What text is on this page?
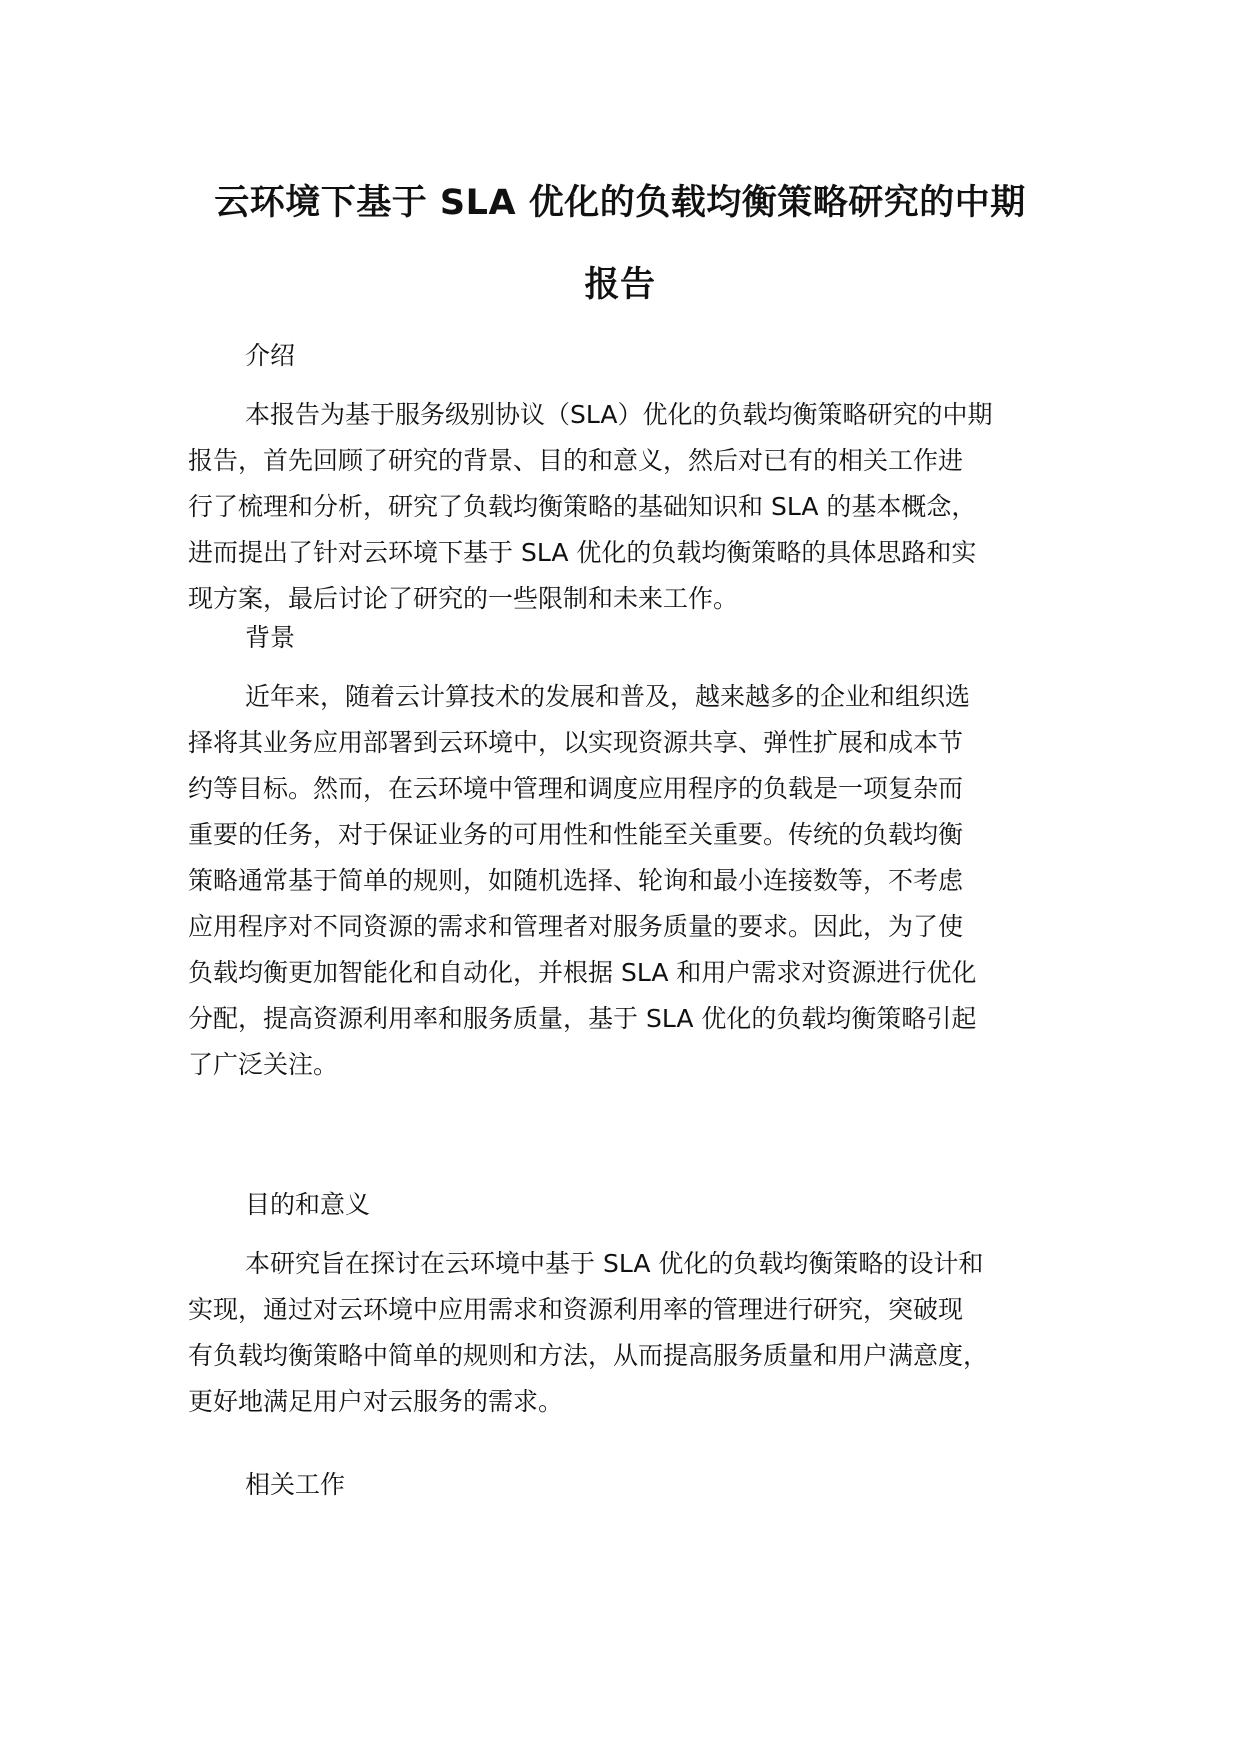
云环境下基于 SLA 优化的负载均衡策略研究的中期
报告
介绍
本报告为基于服务级别协议（SLA）优化的负载均衡策略研究的中期
报告，首先回顾了研究的背景、目的和意义，然后对已有的相关工作进
行了梳理和分析，研究了负载均衡策略的基础知识和 SLA 的基本概念，
进而提出了针对云环境下基于 SLA 优化的负载均衡策略的具体思路和实
现方案，最后讨论了研究的一些限制和未来工作。
背景
近年来，随着云计算技术的发展和普及，越来越多的企业和组织选
择将其业务应用部署到云环境中，以实现资源共享、弹性扩展和成本节
约等目标。然而，在云环境中管理和调度应用程序的负载是一项复杂而
重要的任务，对于保证业务的可用性和性能至关重要。传统的负载均衡
策略通常基于简单的规则，如随机选择、轮询和最小连接数等，不考虑
应用程序对不同资源的需求和管理者对服务质量的要求。因此，为了使
负载均衡更加智能化和自动化，并根据 SLA 和用户需求对资源进行优化
分配，提高资源利用率和服务质量，基于 SLA 优化的负载均衡策略引起
了广泛关注。
目的和意义
本研究旨在探讨在云环境中基于 SLA 优化的负载均衡策略的设计和
实现，通过对云环境中应用需求和资源利用率的管理进行研究，突破现
有负载均衡策略中简单的规则和方法，从而提高服务质量和用户满意度，
更好地满足用户对云服务的需求。
相关工作
